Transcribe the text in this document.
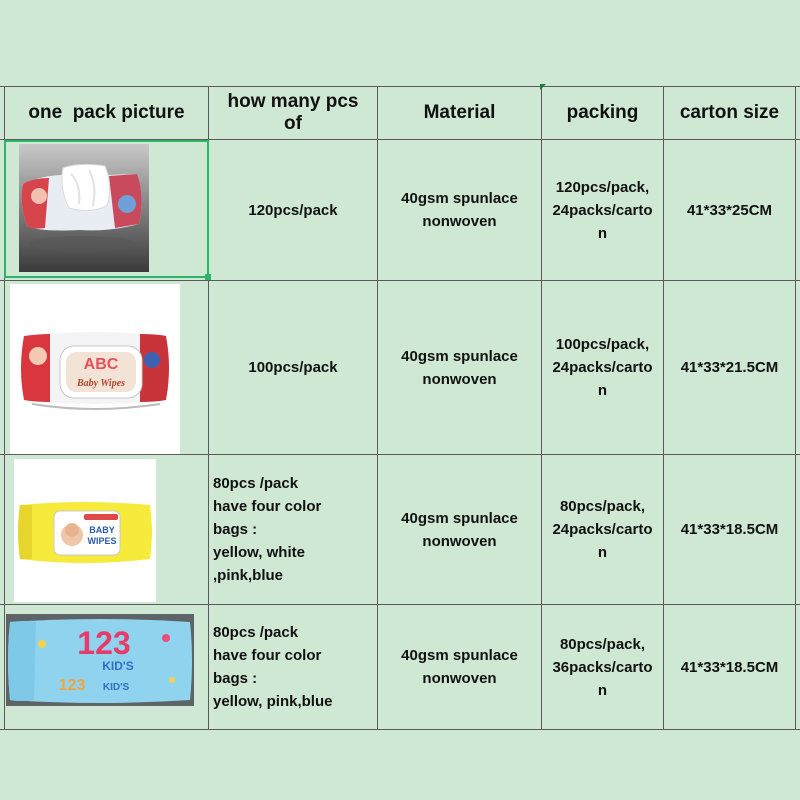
one  pack picture
how many pcs
of
Material	packing	carton size
120pcs/pack
40gsm spunlace
nonwoven
120pcs/pack,
24packs/carto
n
41*33*25CM
ABC
Baby Wipes
100pcs/pack
40gsm spunlace
nonwoven
100pcs/pack,
24packs/carto
n
41*33*21.5CM
BABY
WIPES
80pcs /pack
have four color
bags :
yellow, white
,pink,blue
40gsm spunlace
nonwoven
80pcs/pack,
24packs/carto
n
41*33*18.5CM
123
KID'S
123 KID'S
80pcs /pack
have four color
bags :
yellow, pink,blue
40gsm spunlace
nonwoven
80pcs/pack,
36packs/carto
n
41*33*18.5CM
